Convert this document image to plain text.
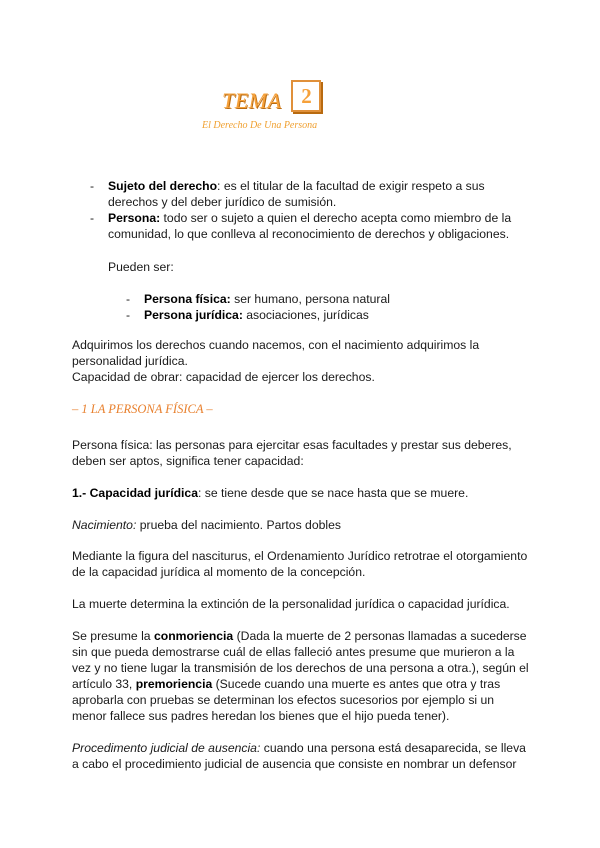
TEMA 2
El Derecho De Una Persona
- Sujeto del derecho: es el titular de la facultad de exigir respeto a sus
derechos y del deber jurídico de sumisión.
- Persona: todo ser o sujeto a quien el derecho acepta como miembro de la
comunidad, lo que conlleva al reconocimiento de derechos y obligaciones.
Pueden ser:
- Persona física: ser humano, persona natural
- Persona jurídica: asociaciones, jurídicas
Adquirimos los derechos cuando nacemos, con el nacimiento adquirimos la
personalidad jurídica.
Capacidad de obrar: capacidad de ejercer los derechos.
– 1 LA PERSONA FÍSICA –
Persona física: las personas para ejercitar esas facultades y prestar sus deberes,
deben ser aptos, significa tener capacidad:
1.- Capacidad jurídica: se tiene desde que se nace hasta que se muere.
Nacimiento: prueba del nacimiento. Partos dobles
Mediante la figura del nasciturus, el Ordenamiento Jurídico retrotrae el otorgamiento
de la capacidad jurídica al momento de la concepción.
La muerte determina la extinción de la personalidad jurídica o capacidad jurídica.
Se presume la conmoriencia (Dada la muerte de 2 personas llamadas a sucederse
sin que pueda demostrarse cuál de ellas falleció antes presume que murieron a la
vez y no tiene lugar la transmisión de los derechos de una persona a otra.), según el
artículo 33, premoriencia (Sucede cuando una muerte es antes que otra y tras
aprobarla con pruebas se determinan los efectos sucesorios por ejemplo si un
menor fallece sus padres heredan los bienes que el hijo pueda tener).
Procedimento judicial de ausencia: cuando una persona está desaparecida, se lleva
a cabo el procedimiento judicial de ausencia que consiste en nombrar un defensor
